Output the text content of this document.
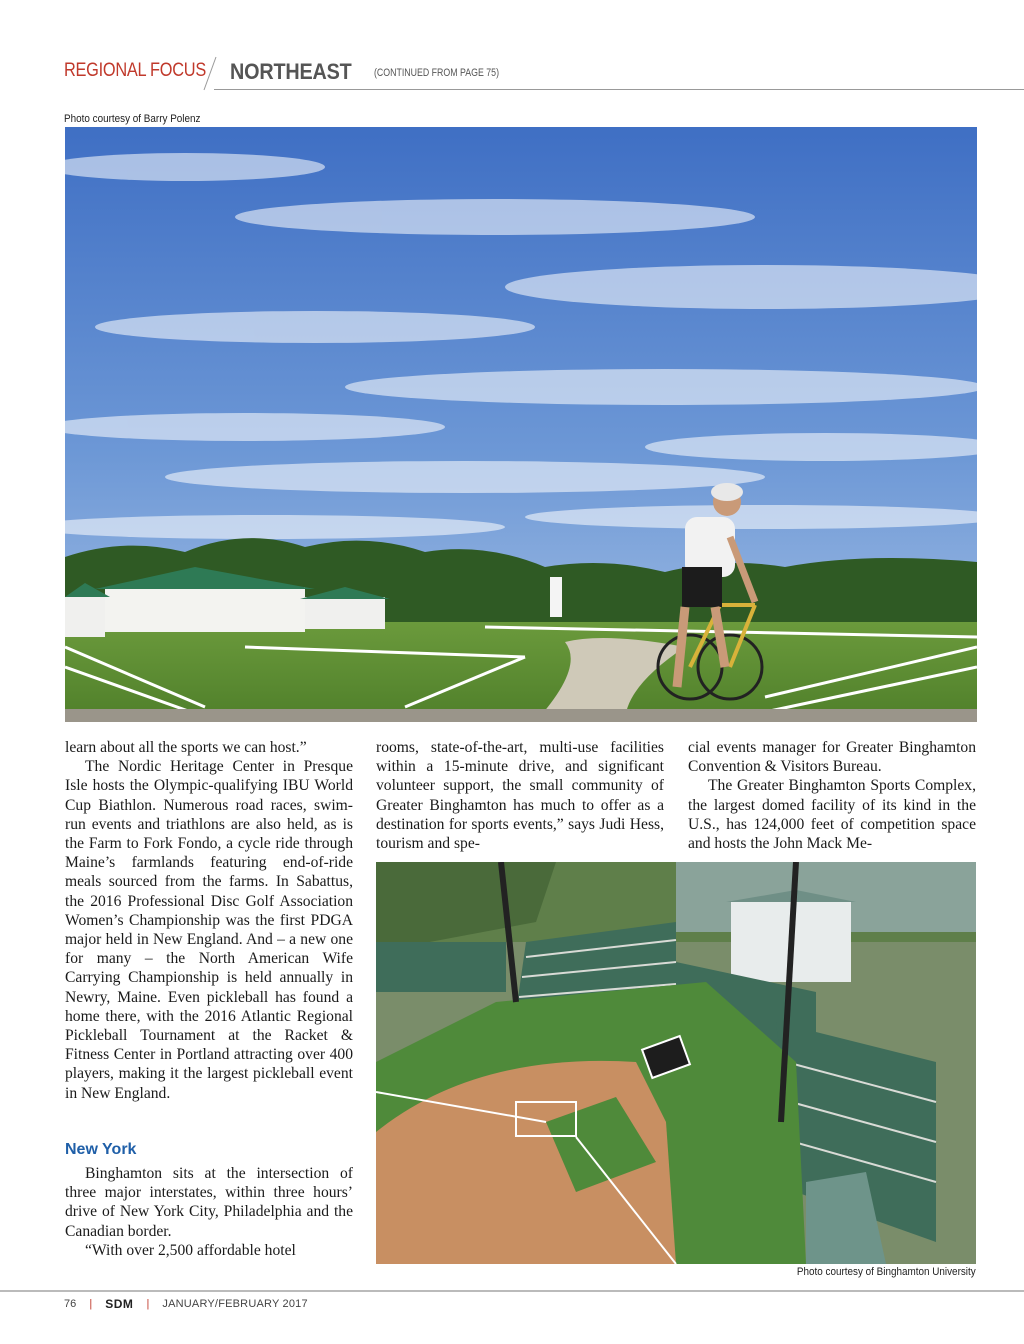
REGIONAL FOCUS NORTHEAST (CONTINUED FROM PAGE 75)
Photo courtesy of Barry Polenz

learn about all the sports we can host.”

The Nordic Heritage Center in Presque Isle hosts the Olympic-qualifying IBU World Cup Biathlon. Numerous road races, swim-run events and triathlons are also held, as is the Farm to Fork Fondo, a cycle ride through Maine’s farmlands featuring end-of-ride meals sourced from the farms. In Sabattus, the 2016 Professional Disc Golf Association Women’s Championship was the first PDGA major held in New England. And – a new one for many – the North American Wife Carrying Championship is held annually in Newry, Maine. Even pickleball has found a home there, with the 2016 Atlantic Regional Pickleball Tournament at the Racket & Fitness Center in Portland attracting over 400 players, making it the largest pickleball event in New England.

New York

Binghamton sits at the intersection of three major interstates, within three hours’ drive of New York City, Philadelphia and the Canadian border.

“With over 2,500 affordable hotel

rooms, state-of-the-art, multi-use facilities within a 15-minute drive, and significant volunteer support, the small community of Greater Binghamton has much to offer as a destination for sports events,” says Judi Hess, tourism and spe-

cial events manager for Greater Binghamton Convention & Visitors Bureau.

The Greater Binghamton Sports Complex, the largest domed facility of its kind in the U.S., has 124,000 feet of competition space and hosts the John Mack Me-

Photo courtesy of Binghamton University
76 | SDM | JANUARY/FEBRUARY 2017
